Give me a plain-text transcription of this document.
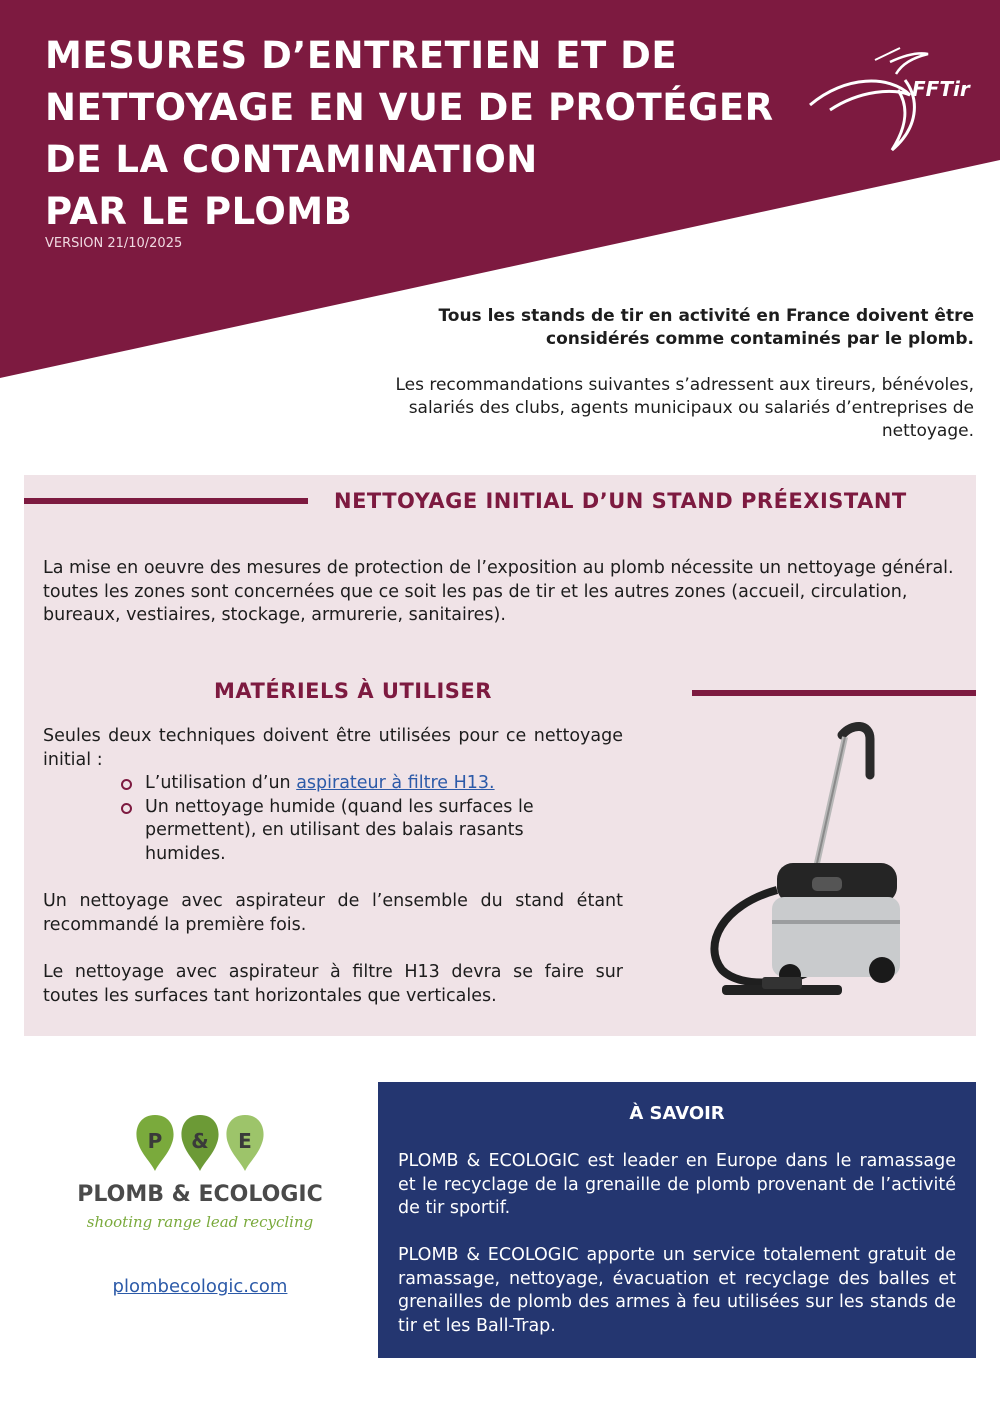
MESURES D’ENTRETIEN ET DE
NETTOYAGE EN VUE DE PROTÉGER
DE LA CONTAMINATION
PAR LE PLOMB
VERSION 21/10/2025
FFTir

Tous les stands de tir en activité en France doivent être considérés comme contaminés par le plomb.

Les recommandations suivantes s’adressent aux tireurs, bénévoles, salariés des clubs, agents municipaux ou salariés d’entreprises de nettoyage.

NETTOYAGE INITIAL D’UN STAND PRÉEXISTANT

La mise en oeuvre des mesures de protection de l’exposition au plomb nécessite un nettoyage général. toutes les zones sont concernées que ce soit les pas de tir et les autres zones (accueil, circulation, bureaux, vestiaires, stockage, armurerie, sanitaires).

MATÉRIELS À UTILISER

Seules deux techniques doivent être utilisées pour ce nettoyage initial :

L’utilisation d’un aspirateur à filtre H13.
Un nettoyage humide (quand les surfaces le permettent), en utilisant des balais rasants humides.

Un nettoyage avec aspirateur de l’ensemble du stand étant recommandé la première fois.

Le nettoyage avec aspirateur à filtre H13 devra se faire sur toutes les surfaces tant horizontales que verticales.

P & E
PLOMB & ECOLOGIC
shooting range lead recycling
plombecologic.com
À SAVOIR

PLOMB & ECOLOGIC est leader en Europe dans le ramassage et le recyclage de la grenaille de plomb provenant de l’activité de tir sportif.

PLOMB & ECOLOGIC apporte un service totalement gratuit de ramassage, nettoyage, évacuation et recyclage des balles et grenailles de plomb des armes à feu utilisées sur les stands de tir et les Ball-Trap.
